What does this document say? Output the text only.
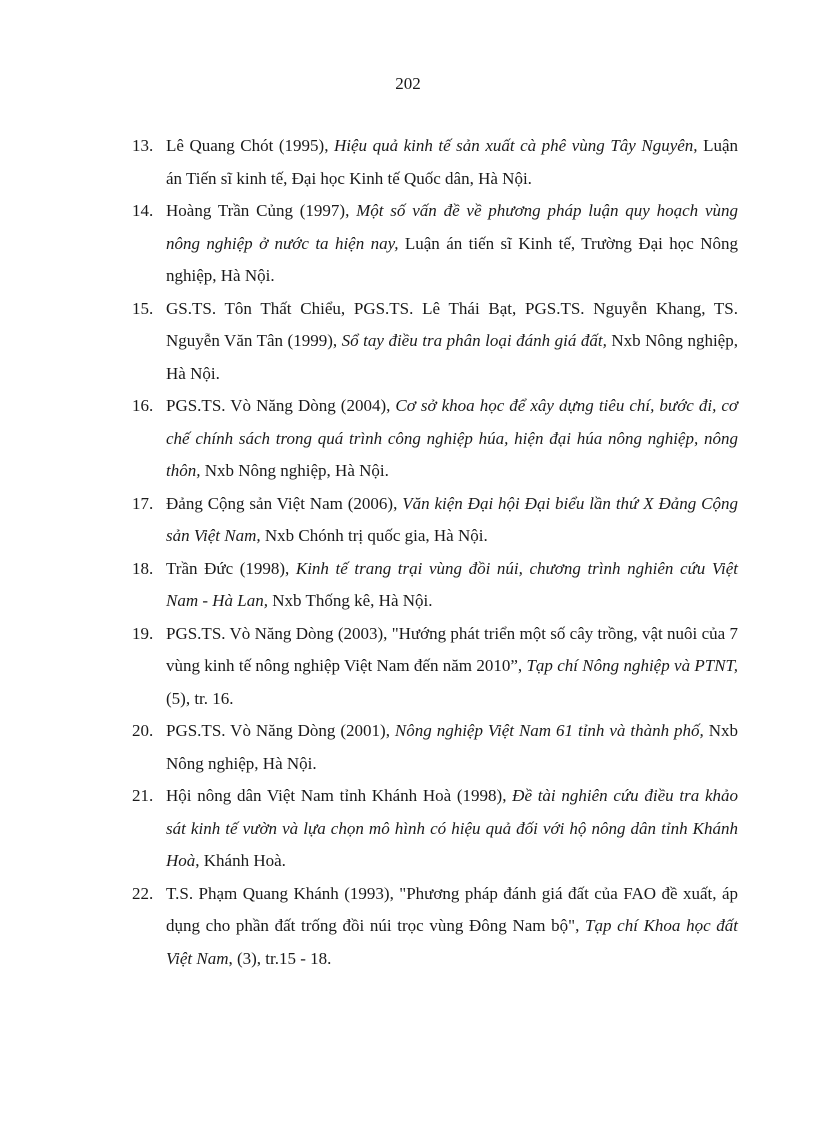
202
13. Lê Quang Chót (1995), Hiệu quả kinh tế sản xuất cà phê vùng Tây Nguyên, Luận án Tiến sĩ kinh tế, Đại học Kinh tế Quốc dân, Hà Nội.
14. Hoàng Trần Củng (1997), Một số vấn đề về phương pháp luận quy hoạch vùng nông nghiệp ở nước ta hiện nay, Luận án tiến sĩ Kinh tế, Trường Đại học Nông nghiệp, Hà Nội.
15. GS.TS. Tôn Thất Chiểu, PGS.TS. Lê Thái Bạt, PGS.TS. Nguyễn Khang, TS. Nguyễn Văn Tân (1999), Sổ tay điều tra phân loại đánh giá đất, Nxb Nông nghiệp, Hà Nội.
16. PGS.TS. Vò Năng Dòng (2004), Cơ sở khoa học để xây dựng tiêu chí, bước đi, cơ chế chính sách trong quá trình công nghiệp húa, hiện đại húa nông nghiệp, nông thôn, Nxb Nông nghiệp, Hà Nội.
17. Đảng Cộng sản Việt Nam (2006), Văn kiện Đại hội Đại biểu lần thứ X Đảng Cộng sản Việt Nam, Nxb Chónh trị quốc gia, Hà Nội.
18. Trần Đức (1998), Kinh tế trang trại vùng đồi núi, chương trình nghiên cứu Việt Nam - Hà Lan, Nxb Thống kê, Hà Nội.
19. PGS.TS. Vò Năng Dòng (2003), "Hướng phát triển một số cây trồng, vật nuôi của 7 vùng kinh tế nông nghiệp Việt Nam đến năm 2010”, Tạp chí Nông nghiệp và PTNT, (5), tr. 16.
20. PGS.TS. Vò Năng Dòng (2001), Nông nghiệp Việt Nam 61 tỉnh và thành phố, Nxb Nông nghiệp, Hà Nội.
21. Hội nông dân Việt Nam tỉnh Khánh Hoà (1998), Đề tài nghiên cứu điều tra khảo sát kinh tế vườn và lựa chọn mô hình có hiệu quả đối với hộ nông dân tỉnh Khánh Hoà, Khánh Hoà.
22. T.S. Phạm Quang Khánh (1993), "Phương pháp đánh giá đất của FAO đề xuất, áp dụng cho phần đất trống đồi núi trọc vùng Đông Nam bộ", Tạp chí Khoa học đất Việt Nam, (3), tr.15 - 18.
